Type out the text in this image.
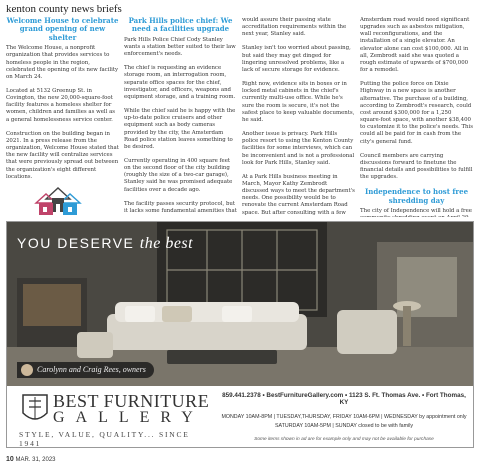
kenton county news briefs
Welcome House to celebrate grand opening of new shelter

The Welcome House, a nonprofit organization that provides services to homeless people in the region, celebrated the opening of its new facility on March 24.

Located at 5132 Greenup St. in Covington, the new 20,000-square-foot facility features a homeless shelter for women, children and families as well as a general homelessness service center.

Construction on the building began in 2021. In a press release from the organization, Welcome House stated that the new facility will centralize services that were previously spread out between the organization's eight different locations.

Park Hills police chief: We need a facilities upgrade

Park Hills Police Chief Cody Stanley wants a station better suited to their law enforcement's needs.

The chief is requesting an evidence storage room, an interrogation room, separate office spaces for the chief, investigator, and officers, weapons and equipment storage, and a training room.

While the chief said he is happy with the up-to-date police cruisers and other equipment such as body cameras provided by the city, the Amsterdam Road police station leaves something to be desired.

Currently operating in 400 square feet on the second floor of the city building (roughly the size of a two-car garage), Stanley said he was promised adequate facilities over a decade ago.

The facility passes security protocol, but it lacks some fundamental amenities that

would assure their passing state accreditation requirements within the next year, Stanley said.

Stanley isn't too worried about passing, but said they may get dinged for lingering unresolved problems, like a lack of secure storage for evidence.

Right now, evidence sits in boxes or in locked metal cabinets in the chief's currently multi-use office. While he's sure the room is secure, it's not the safest place to keep valuable documents, he said.

Another issue is privacy. Park Hills police resort to using the Kenton County facilities for some interviews, which can be inconvenient and is not a professional look for Park Hills, Stanley said.

At a Park Hills business meeting in March, Mayor Kathy Zembrodt discussed ways to meet the department's needs. One possibility would be to renovate the current Amsterdam Road space. But after consulting with a few

Amsterdam road would need significant upgrades such as asbestos mitigation, wall reconfigurations, and the installation of a single elevator. An elevator alone can cost $100,000. All in all, Zembrodt said she was quoted a rough estimate of upwards of $700,000 for a remodel.

Putting the police force on Dixie Highway in a new space is another alternative. The purchase of a building, according to Zembrodt's research, could cost around $300,000 for a 1,250 square-foot space, with another $38,400 to customize it to the police's needs. This could all be paid for in cash from the city's general fund.

Council members are carrying discussions forward to finetune the financial details and possibilities to fulfill the upgrades.

Independence to host free shredding day

The city of Independence will hold a free

YOU DESERVE the best
Carolynn and Craig Rees, owners
BEST FURNITURE
GALLERY
STYLE, VALUE, QUALITY... SINCE 1941
859.441.2378 • BestFurnitureGallery.com • 1123 S. Ft. Thomas Ave. • Fort Thomas, KY
MONDAY 10AM-8PM | TUESDAY,THURSDAY, FRIDAY 10AM-6PM | WEDNESDAY by appointment only
SATURDAY 10AM-5PM | SUNDAY closed to be with family
Some items shown in ad are for example only and may not be available for purchase
10 MAR. 31, 2023
